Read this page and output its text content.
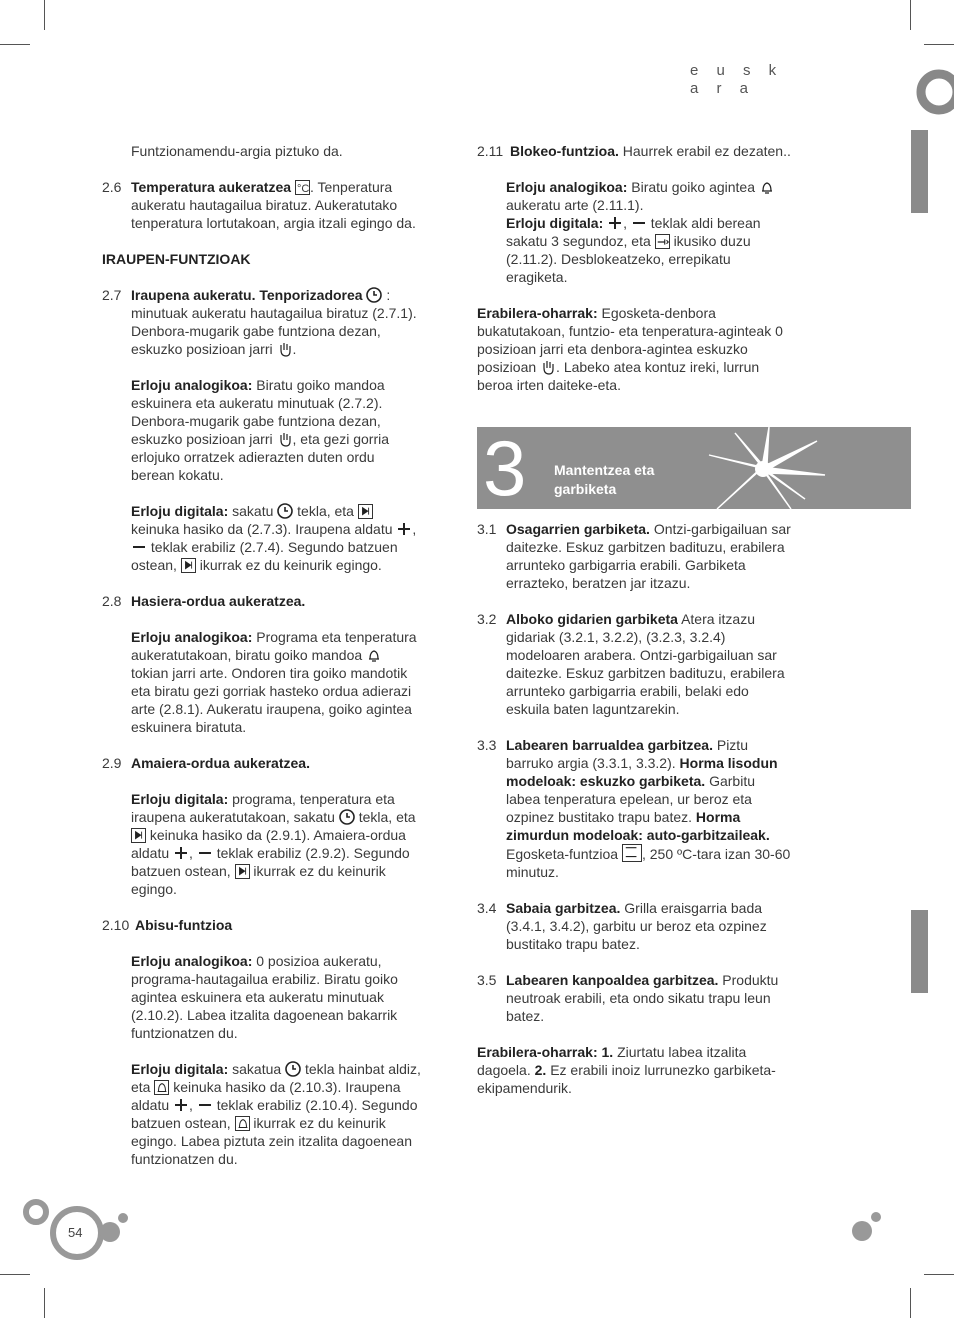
e u s k a r a

Funtzionamendu-argia piztuko da.

2.6 Temperatura aukeratzea °C . Tenperatura aukeratu hautagailua biratuz. Aukeratutako tenperatura lortutakoan, argia itzali egingo da.

IRAUPEN-FUNTZIOAK

2.7 Iraupena aukeratu. Tenporizadorea : minutuak aukeratu hautagailua biratuz (2.7.1). Denbora-mugarik gabe funtziona dezan, eskuzko posizioan jarri .

Erloju analogikoa: Biratu goiko mandoa eskuinera eta aukeratu minutuak (2.7.2). Denbora-mugarik gabe funtziona dezan, eskuzko posizioan jarri , eta gezi gorria erlojuko orratzek adierazten duten ordu berean kokatu.

Erloju digitala: sakatu tekla, eta
keinuka hasiko da (2.7.3). Iraupena aldatu ,  teklak erabiliz (2.7.4). Segundo batzuen ostean, ikurrak ez du keinurik egingo.

2.8 Hasiera-ordua aukeratzea.

Erloju analogikoa: Programa eta tenperatura aukeratutakoan, biratu goiko mandoa  tokian jarri arte. Ondoren tira goiko mandotik eta biratu gezi gorriak hasteko ordua adierazi arte (2.8.1). Aukeratu iraupena, goiko agintea eskuinera biratuta.

2.9 Amaiera-ordua aukeratzea.

Erloju digitala: programa, tenperatura eta iraupena aukeratutakoan, sakatu tekla, eta
keinuka hasiko da (2.9.1). Amaiera-ordua aldatu , teklak erabiliz (2.9.2). Segundo batzuen ostean, ikurrak ez du keinurik egingo.

2.10 Abisu-funtzioa

Erloju analogikoa: 0 posizioa aukeratu, programa-hautagailua erabiliz. Biratu goiko agintea eskuinera eta aukeratu minutuak (2.10.2). Labea itzalita dagoenean bakarrik funtzionatzen du.

Erloju digitala: sakatua tekla hainbat aldiz, eta keinuka hasiko da (2.10.3). Iraupena aldatu , teklak erabiliz (2.10.4). Segundo batzuen ostean, ikurrak ez du keinurik egingo. Labea piztuta zein itzalita dagoenean funtzionatzen du.

2.11 Blokeo-funtzioa. Haurrek erabil ez dezaten..

Erloju analogikoa: Biratu goiko agintea  aukeratu arte (2.11.1).
Erloju digitala: , teklak aldi berean sakatu 3 segundoz, eta ikusiko duzu (2.11.2). Desblokeatzeko, errepikatu eragiketa.

Erabilera-oharrak: Egosketa-denbora bukatutakoan, funtzio- eta tenperatura-aginteak 0 posizioan jarri eta denbora-agintea eskuzko posizioan . Labeko atea kontuz ireki, lurrun beroa irten daiteke-eta.

3 Mantentzea eta garbiketa
3.1 Osagarrien garbiketa. Ontzi-garbigailuan sar daitezke. Eskuz garbitzen badituzu, erabilera arrunteko garbigarria erabili. Garbiketa errazteko, beratzen jar itzazu.

3.2 Alboko gidarien garbiketa Atera itzazu gidariak (3.2.1, 3.2.2), (3.2.3, 3.2.4) modeloaren arabera. Ontzi-garbigailuan sar daitezke. Eskuz garbitzen badituzu, erabilera arrunteko garbigarria erabili, belaki edo eskuila baten laguntzarekin.

3.3 Labearen barrualdea garbitzea. Piztu barruko argia (3.3.1, 3.3.2). Horma lisodun modeloak: eskuzko garbiketa. Garbitu labea tenperatura epelean, ur beroz eta ozpinez bustitako trapu batez. Horma zimurdun modeloak: auto-garbitzaileak. Egosketa-funtzioa , 250 ºC-tara izan 30-60 minutuz.

3.4 Sabaia garbitzea. Grilla eraisgarria bada (3.4.1, 3.4.2), garbitu ur beroz eta ozpinez bustitako trapu batez.

3.5 Labearen kanpoaldea garbitzea. Produktu neutroak erabili, eta ondo sikatu trapu leun batez.

Erabilera-oharrak: 1. Ziurtatu labea itzalita dagoela. 2. Ez erabili inoiz lurrunezko garbiketa-ekipamendurik.

54
